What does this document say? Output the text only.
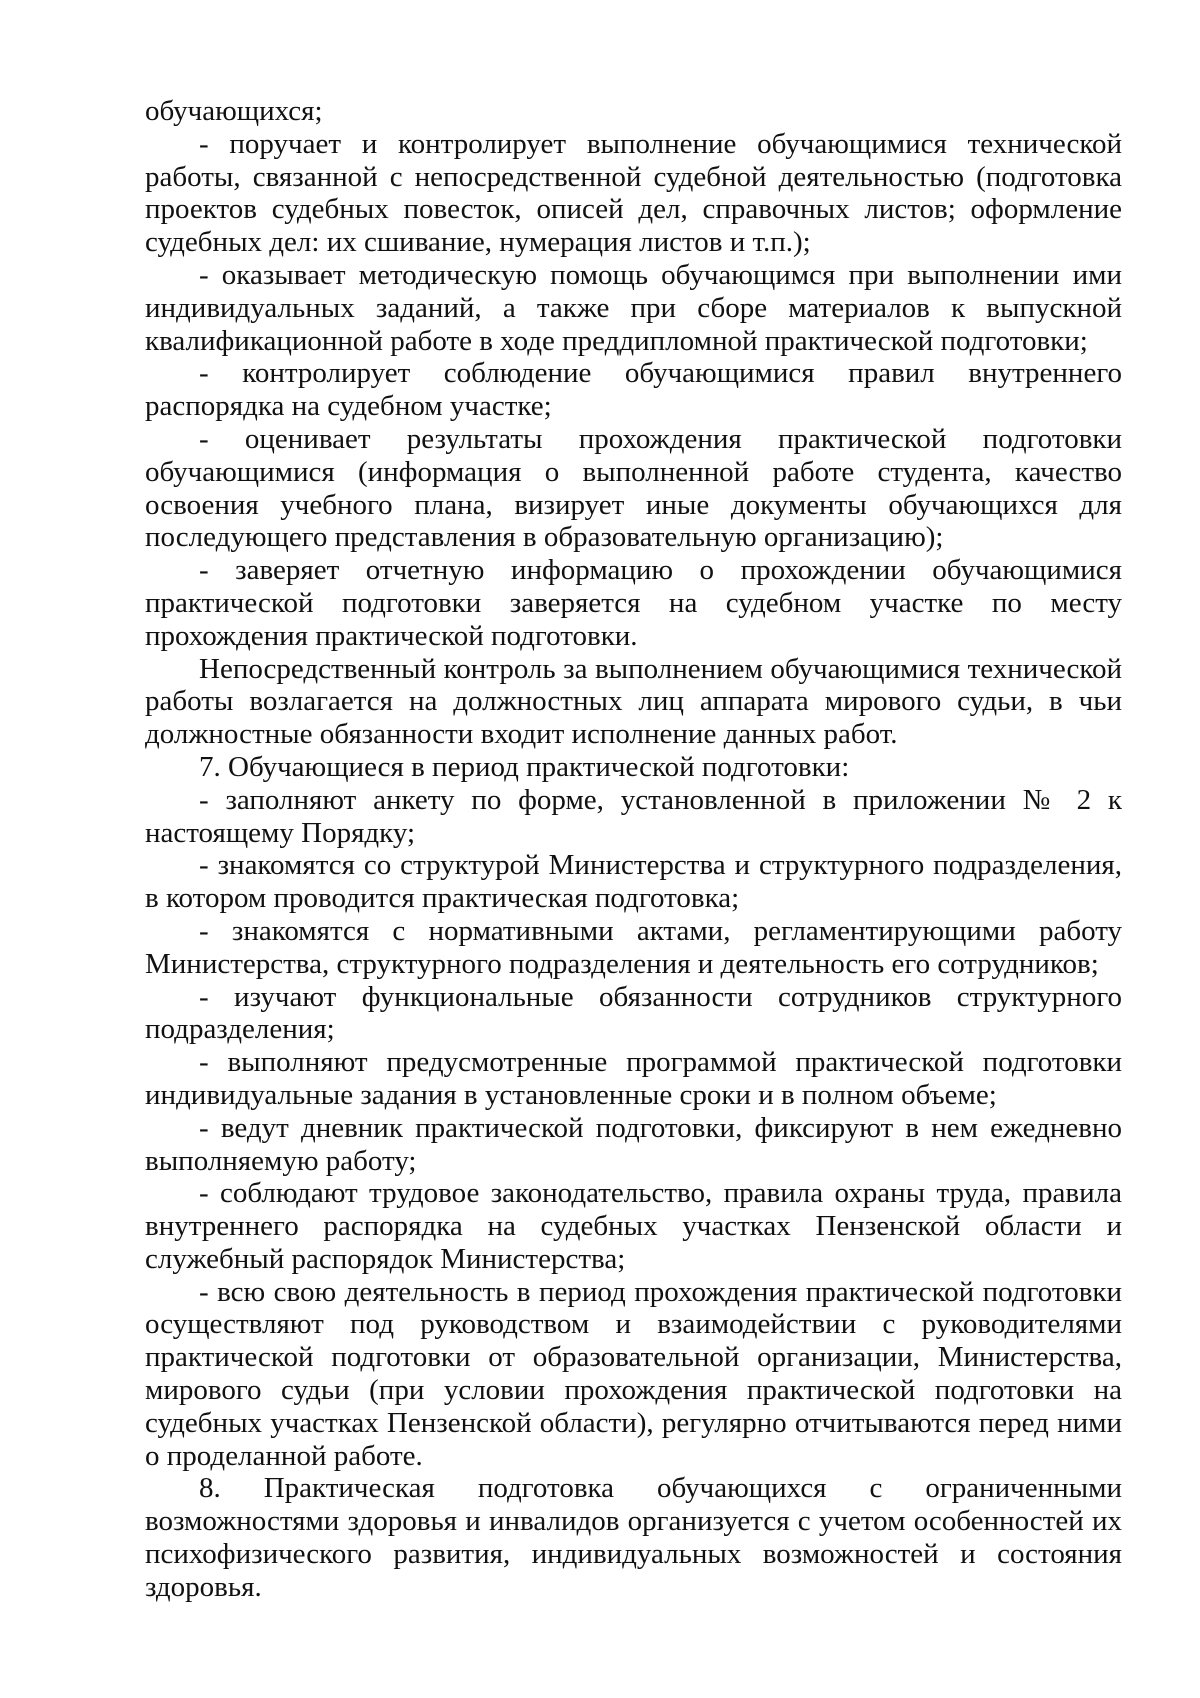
обучающихся;

- поручает и контролирует выполнение обучающимися технической работы, связанной с непосредственной судебной деятельностью (подготовка проектов судебных повесток, описей дел, справочных листов; оформление судебных дел: их сшивание, нумерация листов и т.п.);

- оказывает методическую помощь обучающимся при выполнении ими индивидуальных заданий, а также при сборе материалов к выпускной квалификационной работе в ходе преддипломной практической подготовки;

- контролирует соблюдение обучающимися правил внутреннего распорядка на судебном участке;

- оценивает результаты прохождения практической подготовки обучающимися (информация о выполненной работе студента, качество освоения учебного плана, визирует иные документы обучающихся для последующего представления в образовательную организацию);

- заверяет отчетную информацию о прохождении обучающимися практической подготовки заверяется на судебном участке по месту прохождения практической подготовки.

Непосредственный контроль за выполнением обучающимися технической работы возлагается на должностных лиц аппарата мирового судьи, в чьи должностные обязанности входит исполнение данных работ.

7. Обучающиеся в период практической подготовки:

- заполняют анкету по форме, установленной в приложении № 2 к настоящему Порядку;

- знакомятся со структурой Министерства и структурного подразделения, в котором проводится практическая подготовка;

- знакомятся с нормативными актами, регламентирующими работу Министерства, структурного подразделения и деятельность его сотрудников;

- изучают функциональные обязанности сотрудников структурного подразделения;

- выполняют предусмотренные программой практической подготовки индивидуальные задания в установленные сроки и в полном объеме;

- ведут дневник практической подготовки, фиксируют в нем ежедневно выполняемую работу;

- соблюдают трудовое законодательство, правила охраны труда, правила внутреннего распорядка на судебных участках Пензенской области и служебный распорядок Министерства;

- всю свою деятельность в период прохождения практической подготовки осуществляют под руководством и взаимодействии с руководителями практической подготовки от образовательной организации, Министерства, мирового судьи (при условии прохождения практической подготовки на судебных участках Пензенской области), регулярно отчитываются перед ними о проделанной работе.

8. Практическая подготовка обучающихся с ограниченными возможностями здоровья и инвалидов организуется с учетом особенностей их психофизического развития, индивидуальных возможностей и состояния здоровья.
